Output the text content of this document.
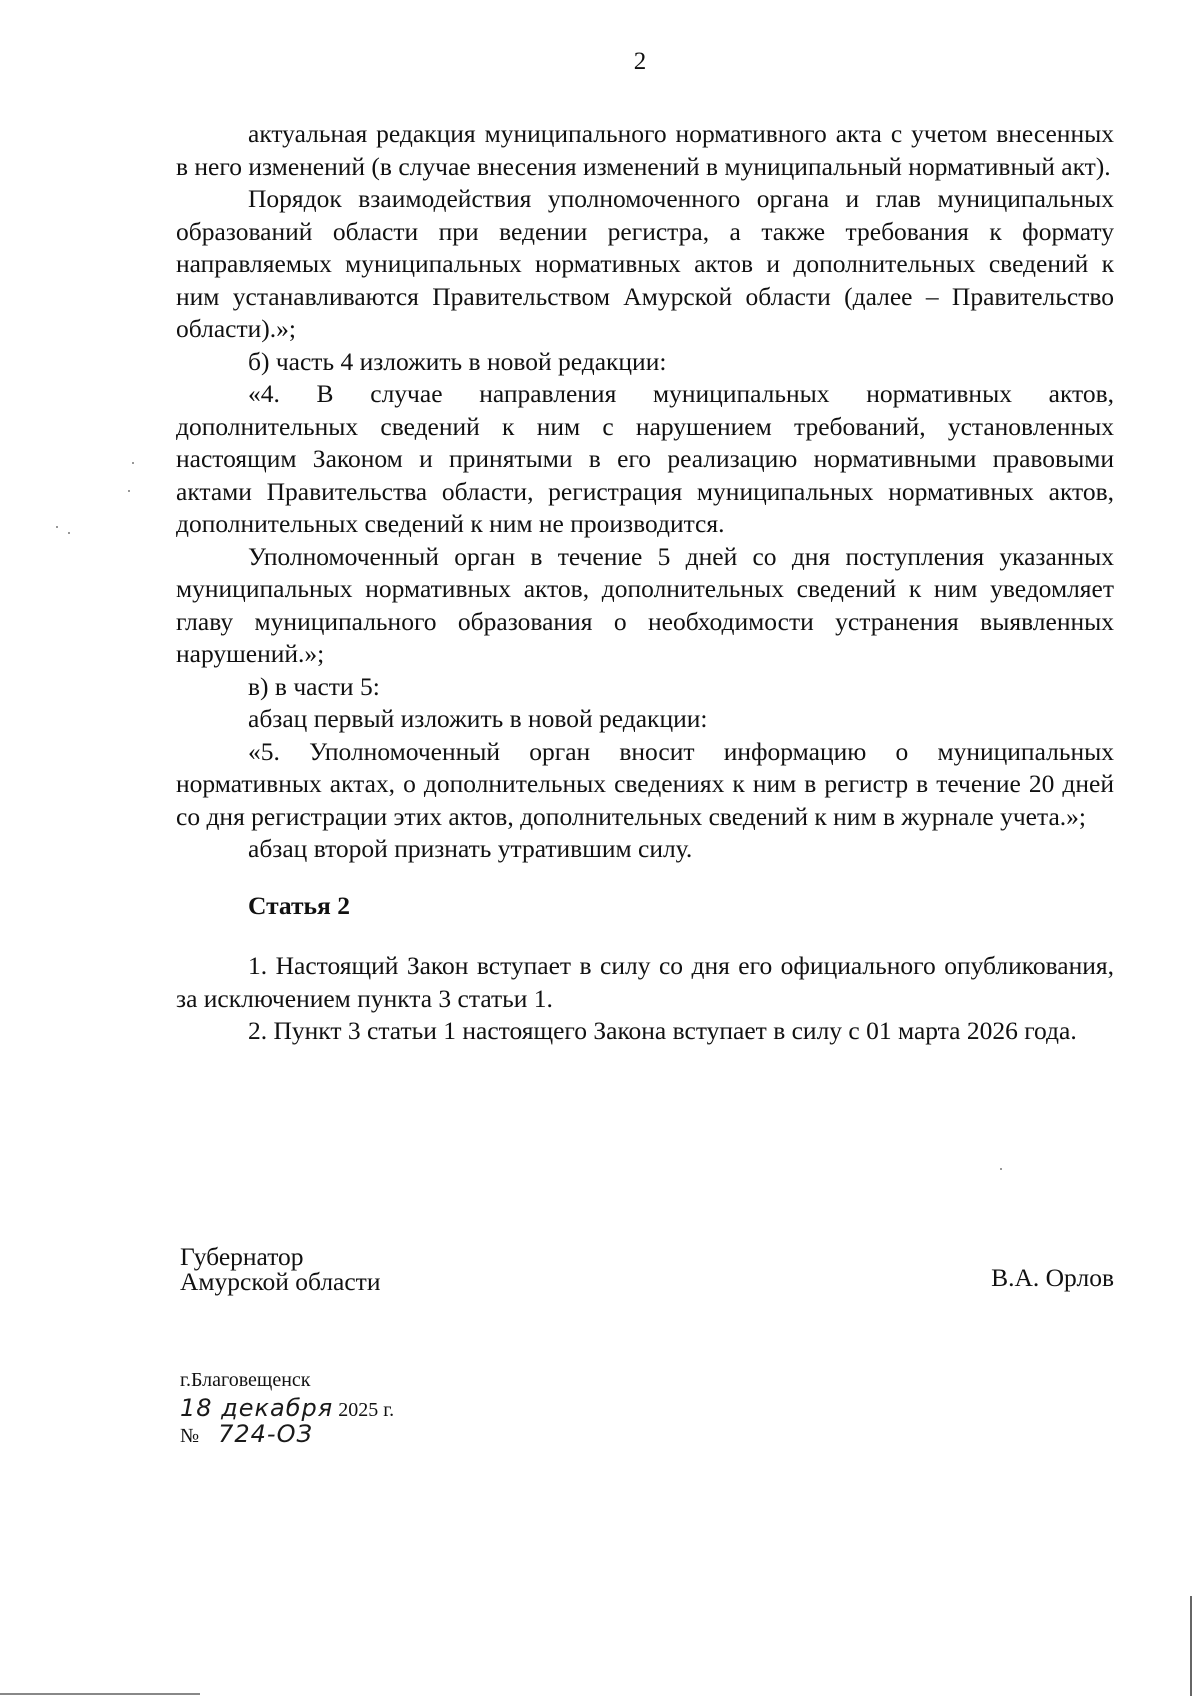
2

актуальная редакция муниципального нормативного акта с учетом внесенных в него изменений (в случае внесения изменений в муниципальный нормативный акт).

Порядок взаимодействия уполномоченного органа и глав муниципальных образований области при ведении регистра, а также требования к формату направляемых муниципальных нормативных актов и дополнительных сведений к ним устанавливаются Правительством Амурской области (далее – Правительство области).»;

б) часть 4 изложить в новой редакции:

«4. В случае направления муниципальных нормативных актов, дополнительных сведений к ним с нарушением требований, установленных настоящим Законом и принятыми в его реализацию нормативными правовыми актами Правительства области, регистрация муниципальных нормативных актов, дополнительных сведений к ним не производится.

Уполномоченный орган в течение 5 дней со дня поступления указанных муниципальных нормативных актов, дополнительных сведений к ним уведомляет главу муниципального образования о необходимости устранения выявленных нарушений.»;

в) в части 5:

абзац первый изложить в новой редакции:

«5. Уполномоченный орган вносит информацию о муниципальных нормативных актах, о дополнительных сведениях к ним в регистр в течение 20 дней со дня регистрации этих актов, дополнительных сведений к ним в журнале учета.»;

абзац второй признать утратившим силу.

Статья 2

1. Настоящий Закон вступает в силу со дня его официального опубликования, за исключением пункта 3 статьи 1.

2. Пункт 3 статьи 1 настоящего Закона вступает в силу с 01 марта 2026 года.

Губернатор
Амурской области	В.А. Орлов
г.Благовещенск
18 декабря 2025 г.
№ 724-ОЗ
